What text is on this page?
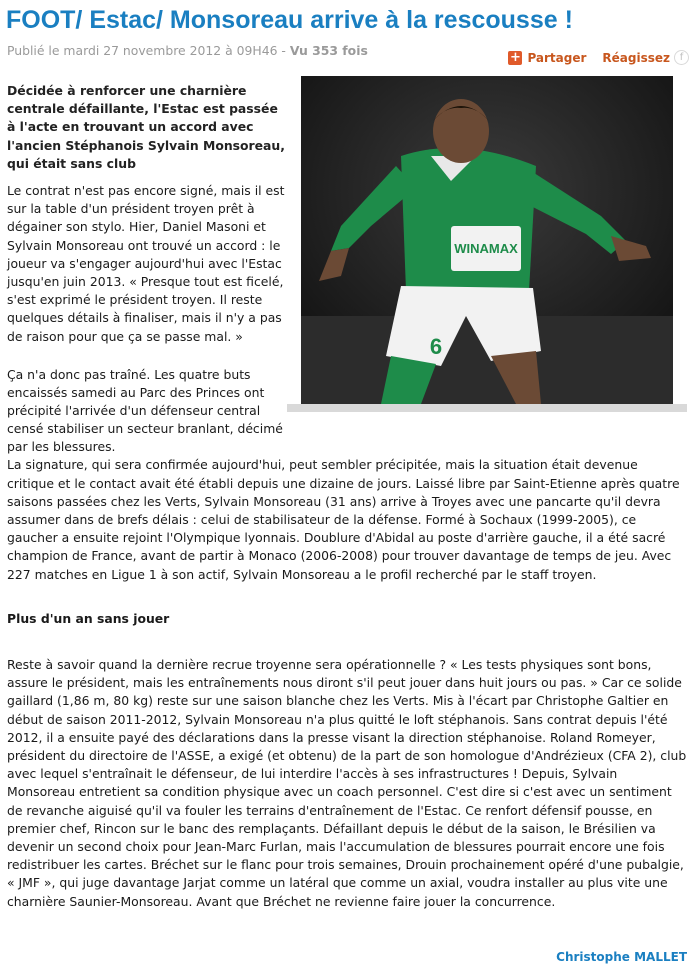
FOOT/ Estac/ Monsoreau arrive à la rescousse !
Publié le mardi 27 novembre 2012 à 09H46 - Vu 353 fois	+ Partager Réagissez f
WINAMAX
6

Décidée à renforcer une charnière centrale défaillante, l'Estac est passée à l'acte en trouvant un accord avec l'ancien Stéphanois Sylvain Monsoreau, qui était sans club

Le contrat n'est pas encore signé, mais il est sur la table d'un président troyen prêt à dégainer son stylo. Hier, Daniel Masoni et Sylvain Monsoreau ont trouvé un accord : le joueur va s'engager aujourd'hui avec l'Estac jusqu'en juin 2013. « Presque tout est ficelé, s'est exprimé le président troyen. Il reste quelques détails à finaliser, mais il n'y a pas de raison pour que ça se passe mal. »

Ça n'a donc pas traîné. Les quatre buts encaissés samedi au Parc des Princes ont précipité l'arrivée d'un défenseur central

censé stabiliser un secteur branlant, décimé par les blessures.
La signature, qui sera confirmée aujourd'hui, peut sembler précipitée, mais la situation était devenue critique et le contact avait été établi depuis une dizaine de jours. Laissé libre par Saint-Etienne après quatre saisons passées chez les Verts, Sylvain Monsoreau (31 ans) arrive à Troyes avec une pancarte qu'il devra assumer dans de brefs délais : celui de stabilisateur de la défense. Formé à Sochaux (1999-2005), ce gaucher a ensuite rejoint l'Olympique lyonnais. Doublure d'Abidal au poste d'arrière gauche, il a été sacré champion de France, avant de partir à Monaco (2006-2008) pour trouver davantage de temps de jeu. Avec 227 matches en Ligue 1 à son actif, Sylvain Monsoreau a le profil recherché par le staff troyen.

Plus d'un an sans jouer

Reste à savoir quand la dernière recrue troyenne sera opérationnelle ? « Les tests physiques sont bons, assure le président, mais les entraînements nous diront s'il peut jouer dans huit jours ou pas. » Car ce solide gaillard (1,86 m, 80 kg) reste sur une saison blanche chez les Verts. Mis à l'écart par Christophe Galtier en début de saison 2011-2012, Sylvain Monsoreau n'a plus quitté le loft stéphanois. Sans contrat depuis l'été 2012, il a ensuite payé des déclarations dans la presse visant la direction stéphanoise. Roland Romeyer, président du directoire de l'ASSE, a exigé (et obtenu) de la part de son homologue d'Andrézieux (CFA 2), club avec lequel s'entraînait le défenseur, de lui interdire l'accès à ses infrastructures ! Depuis, Sylvain Monsoreau entretient sa condition physique avec un coach personnel. C'est dire si c'est avec un sentiment de revanche aiguisé qu'il va fouler les terrains d'entraînement de l'Estac. Ce renfort défensif pousse, en premier chef, Rincon sur le banc des remplaçants. Défaillant depuis le début de la saison, le Brésilien va devenir un second choix pour Jean-Marc Furlan, mais l'accumulation de blessures pourrait encore une fois redistribuer les cartes. Bréchet sur le flanc pour trois semaines, Drouin prochainement opéré d'une pubalgie, « JMF », qui juge davantage Jarjat comme un latéral que comme un axial, voudra installer au plus vite une charnière Saunier-Monsoreau. Avant que Bréchet ne revienne faire jouer la concurrence.

Christophe MALLET
